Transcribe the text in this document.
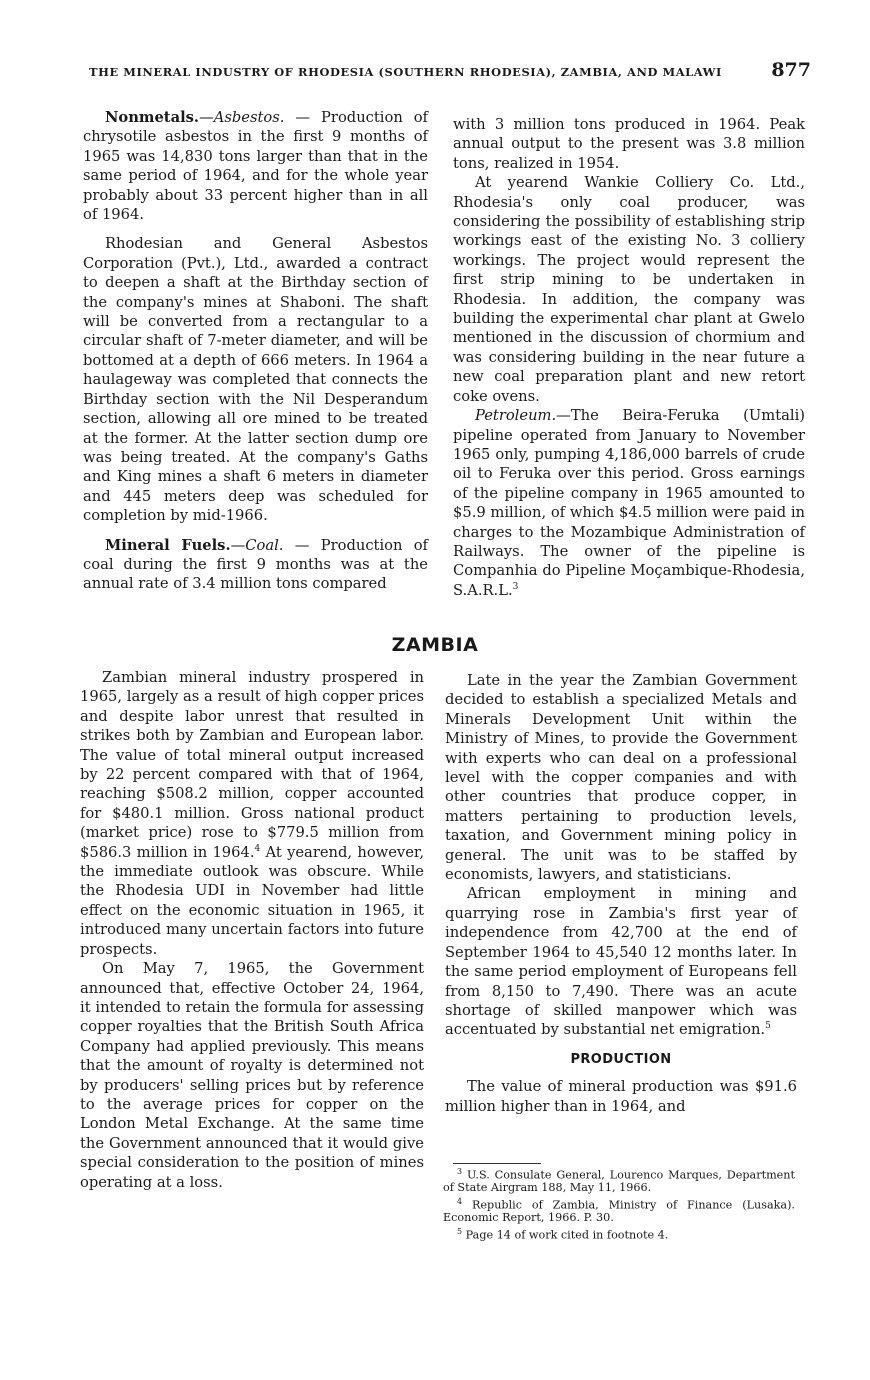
THE MINERAL INDUSTRY OF RHODESIA (SOUTHERN RHODESIA), ZAMBIA, AND MALAWI	877

Nonmetals.—Asbestos. — Production of chrysotile asbestos in the first 9 months of 1965 was 14,830 tons larger than that in the same period of 1964, and for the whole year probably about 33 percent higher than in all of 1964.

Rhodesian and General Asbestos Corporation (Pvt.), Ltd., awarded a contract to deepen a shaft at the Birthday section of the company's mines at Shaboni. The shaft will be converted from a rectangular to a circular shaft of 7-meter diameter, and will be bottomed at a depth of 666 meters. In 1964 a haulageway was completed that connects the Birthday section with the Nil Desperandum section, allowing all ore mined to be treated at the former. At the latter section dump ore was being treated. At the company's Gaths and King mines a shaft 6 meters in diameter and 445 meters deep was scheduled for completion by mid-1966.

Mineral Fuels.—Coal. — Production of coal during the first 9 months was at the annual rate of 3.4 million tons compared

with 3 million tons produced in 1964. Peak annual output to the present was 3.8 million tons, realized in 1954.

At yearend Wankie Colliery Co. Ltd., Rhodesia's only coal producer, was considering the possibility of establishing strip workings east of the existing No. 3 colliery workings. The project would represent the first strip mining to be undertaken in Rhodesia. In addition, the company was building the experimental char plant at Gwelo mentioned in the discussion of chormium and was considering building in the near future a new coal preparation plant and new retort coke ovens.

Petroleum.—The Beira-Feruka (Umtali) pipeline operated from January to November 1965 only, pumping 4,186,000 barrels of crude oil to Feruka over this period. Gross earnings of the pipeline company in 1965 amounted to $5.9 million, of which $4.5 million were paid in charges to the Mozambique Administration of Railways. The owner of the pipeline is Companhia do Pipeline Moçambique-Rhodesia, S.A.R.L.$^3$

ZAMBIA

Zambian mineral industry prospered in 1965, largely as a result of high copper prices and despite labor unrest that resulted in strikes both by Zambian and European labor. The value of total mineral output increased by 22 percent compared with that of 1964, reaching $508.2 million, copper accounted for $480.1 million. Gross national product (market price) rose to $779.5 million from $586.3 million in 1964.$^4$ At yearend, however, the immediate outlook was obscure. While the Rhodesia UDI in November had little effect on the economic situation in 1965, it introduced many uncertain factors into future prospects.

On May 7, 1965, the Government announced that, effective October 24, 1964, it intended to retain the formula for assessing copper royalties that the British South Africa Company had applied previously. This means that the amount of royalty is determined not by producers' selling prices but by reference to the average prices for copper on the London Metal Exchange. At the same time the Government announced that it would give special consideration to the position of mines operating at a loss.

Late in the year the Zambian Government decided to establish a specialized Metals and Minerals Development Unit within the Ministry of Mines, to provide the Government with experts who can deal on a professional level with the copper companies and with other countries that produce copper, in matters pertaining to production levels, taxation, and Government mining policy in general. The unit was to be staffed by economists, lawyers, and statisticians.

African employment in mining and quarrying rose in Zambia's first year of independence from 42,700 at the end of September 1964 to 45,540 12 months later. In the same period employment of Europeans fell from 8,150 to 7,490. There was an acute shortage of skilled manpower which was accentuated by substantial net emigration.$^5$

PRODUCTION

The value of mineral production was $91.6 million higher than in 1964, and

$^3$ U.S. Consulate General, Lourenco Marques, Department of State Airgram 188, May 11, 1966.

$^4$ Republic of Zambia, Ministry of Finance (Lusaka). Economic Report, 1966. P. 30.

$^5$ Page 14 of work cited in footnote 4.
